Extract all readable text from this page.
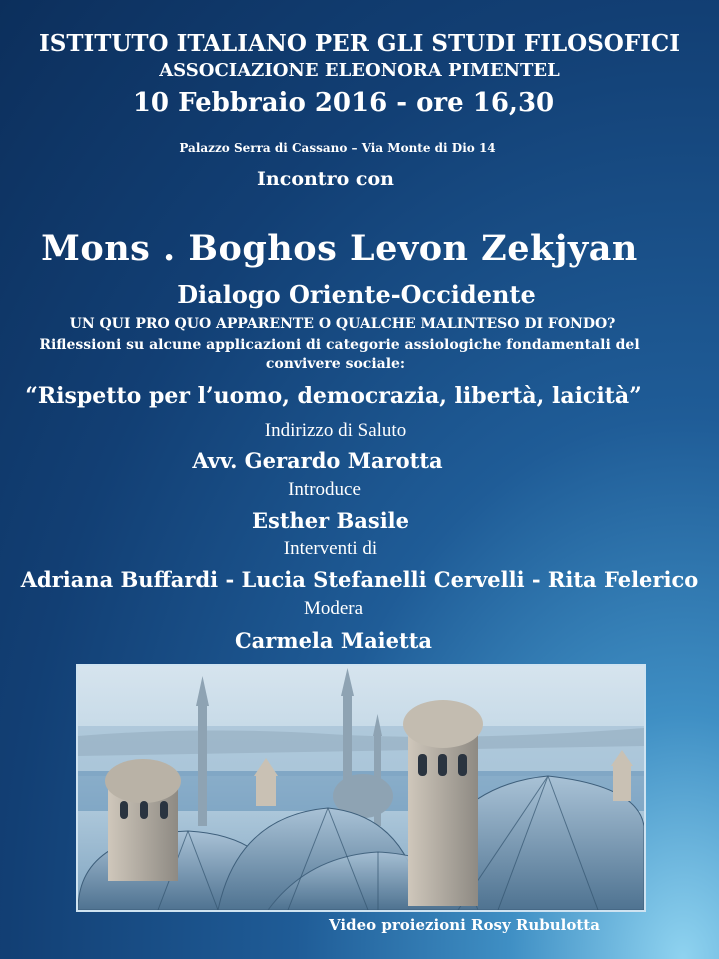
ISTITUTO ITALIANO PER GLI STUDI FILOSOFICI
ASSOCIAZIONE ELEONORA PIMENTEL
10 Febbraio 2016 - ore 16,30
Palazzo Serra di Cassano – Via Monte di Dio 14
Incontro con
Mons . Boghos Levon Zekjyan
Dialogo Oriente-Occidente
UN QUI PRO QUO APPARENTE O QUALCHE MALINTESO DI FONDO?
Riflessioni su alcune applicazioni di categorie assiologiche fondamentali del
convivere sociale:
“Rispetto per l’uomo, democrazia, libertà, laicità”
Indirizzo di Saluto
Avv. Gerardo Marotta
Introduce
Esther Basile
Interventi di
Adriana Buffardi - Lucia Stefanelli Cervelli - Rita Felerico
Modera
Carmela Maietta
Video proiezioni Rosy Rubulotta
